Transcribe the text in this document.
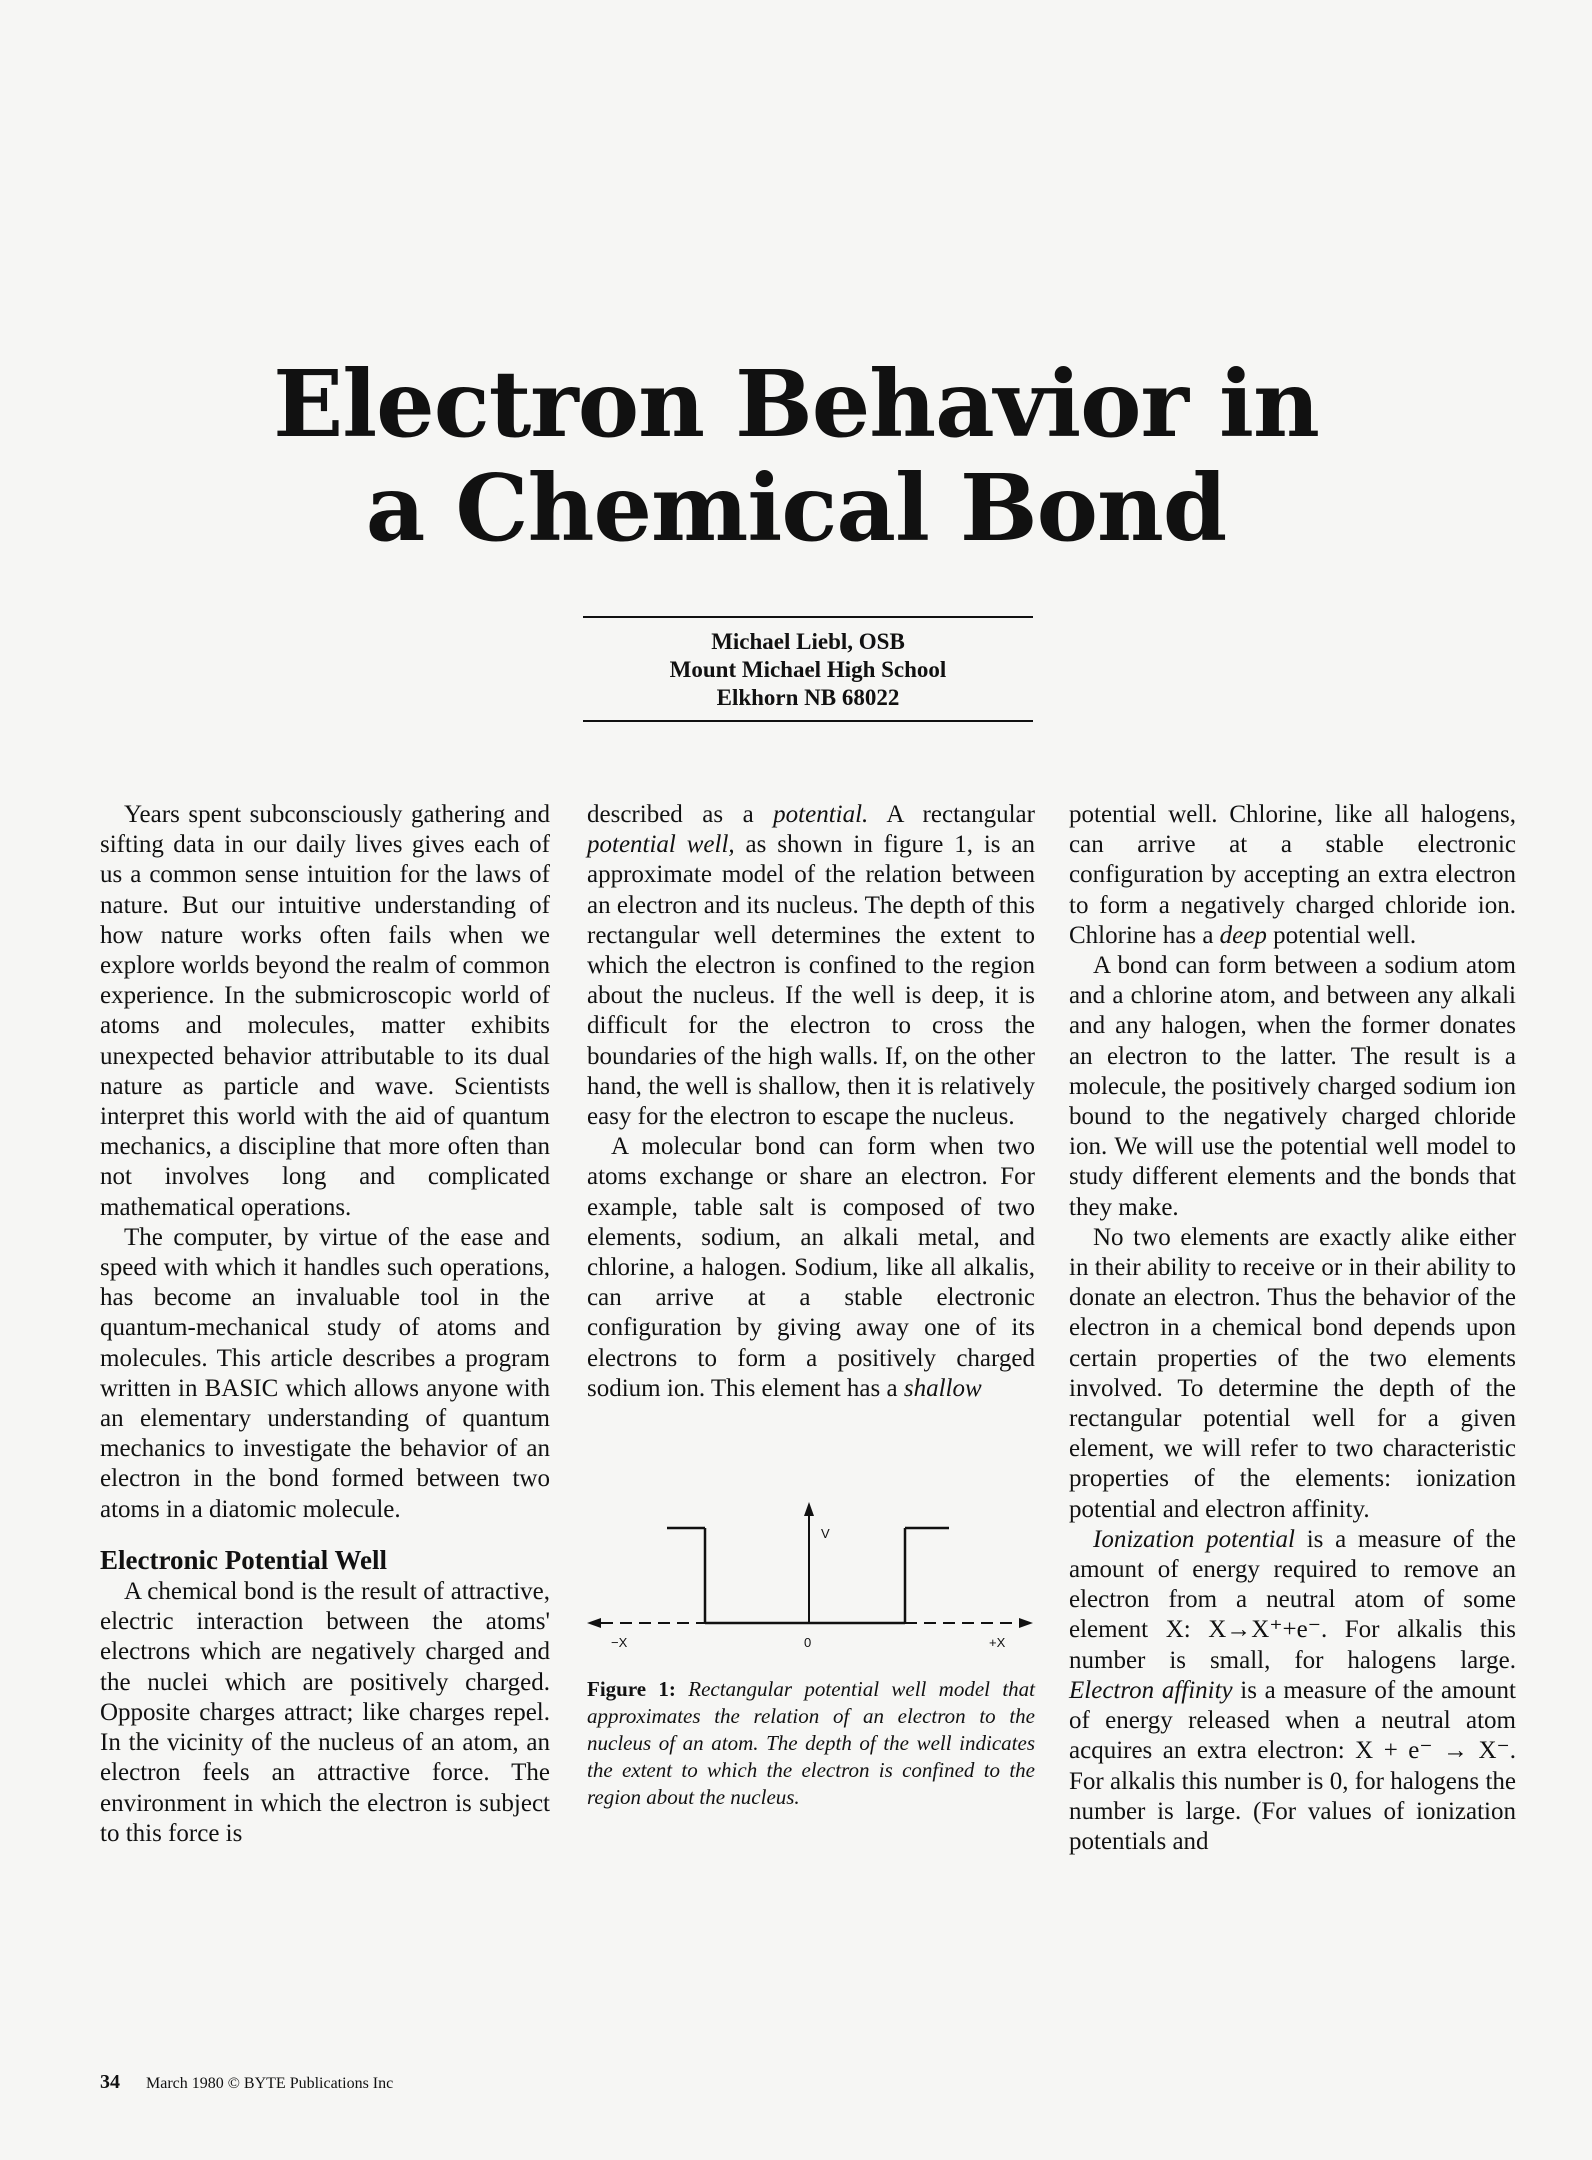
Electron Behavior in
a Chemical Bond
Michael Liebl, OSB
Mount Michael High School
Elkhorn NB 68022

Years spent subconsciously gathering and sifting data in our daily lives gives each of us a common sense intuition for the laws of nature. But our intuitive understanding of how nature works often fails when we explore worlds beyond the realm of common experience. In the submicroscopic world of atoms and molecules, matter exhibits unexpected behavior attributable to its dual nature as particle and wave. Scientists interpret this world with the aid of quantum mechanics, a discipline that more often than not involves long and complicated mathematical operations.

The computer, by virtue of the ease and speed with which it handles such operations, has become an invaluable tool in the quantum-mechanical study of atoms and molecules. This article describes a program written in BASIC which allows anyone with an elementary understanding of quantum mechanics to investigate the behavior of an electron in the bond formed between two atoms in a diatomic molecule.

Electronic Potential Well

A chemical bond is the result of attractive, electric interaction between the atoms' electrons which are negatively charged and the nuclei which are positively charged. Opposite charges attract; like charges repel. In the vicinity of the nucleus of an atom, an electron feels an attractive force. The environment in which the electron is subject to this force is

described as a potential. A rectangular potential well, as shown in figure 1, is an approximate model of the relation between an electron and its nucleus. The depth of this rectangular well determines the extent to which the electron is confined to the region about the nucleus. If the well is deep, it is difficult for the electron to cross the boundaries of the high walls. If, on the other hand, the well is shallow, then it is relatively easy for the electron to escape the nucleus.

A molecular bond can form when two atoms exchange or share an electron. For example, table salt is composed of two elements, sodium, an alkali metal, and chlorine, a halogen. Sodium, like all alkalis, can arrive at a stable electronic configuration by giving away one of its electrons to form a positively charged sodium ion. This element has a shallow

V
−X	0	+X
Figure 1: Rectangular potential well model that approximates the relation of an electron to the nucleus of an atom. The depth of the well indicates the extent to which the electron is confined to the region about the nucleus.

potential well. Chlorine, like all halogens, can arrive at a stable electronic configuration by accepting an extra electron to form a negatively charged chloride ion. Chlorine has a deep potential well.

A bond can form between a sodium atom and a chlorine atom, and between any alkali and any halogen, when the former donates an electron to the latter. The result is a molecule, the positively charged sodium ion bound to the negatively charged chloride ion. We will use the potential well model to study different elements and the bonds that they make.

No two elements are exactly alike either in their ability to receive or in their ability to donate an electron. Thus the behavior of the electron in a chemical bond depends upon certain properties of the two elements involved. To determine the depth of the rectangular potential well for a given element, we will refer to two characteristic properties of the elements: ionization potential and electron affinity.

Ionization potential is a measure of the amount of energy required to remove an electron from a neutral atom of some element X: X→X⁺+e⁻. For alkalis this number is small, for halogens large. Electron affinity is a measure of the amount of energy released when a neutral atom acquires an extra electron: X + e⁻ → X⁻. For alkalis this number is 0, for halogens the number is large. (For values of ionization potentials and

34 March 1980 © BYTE Publications Inc
